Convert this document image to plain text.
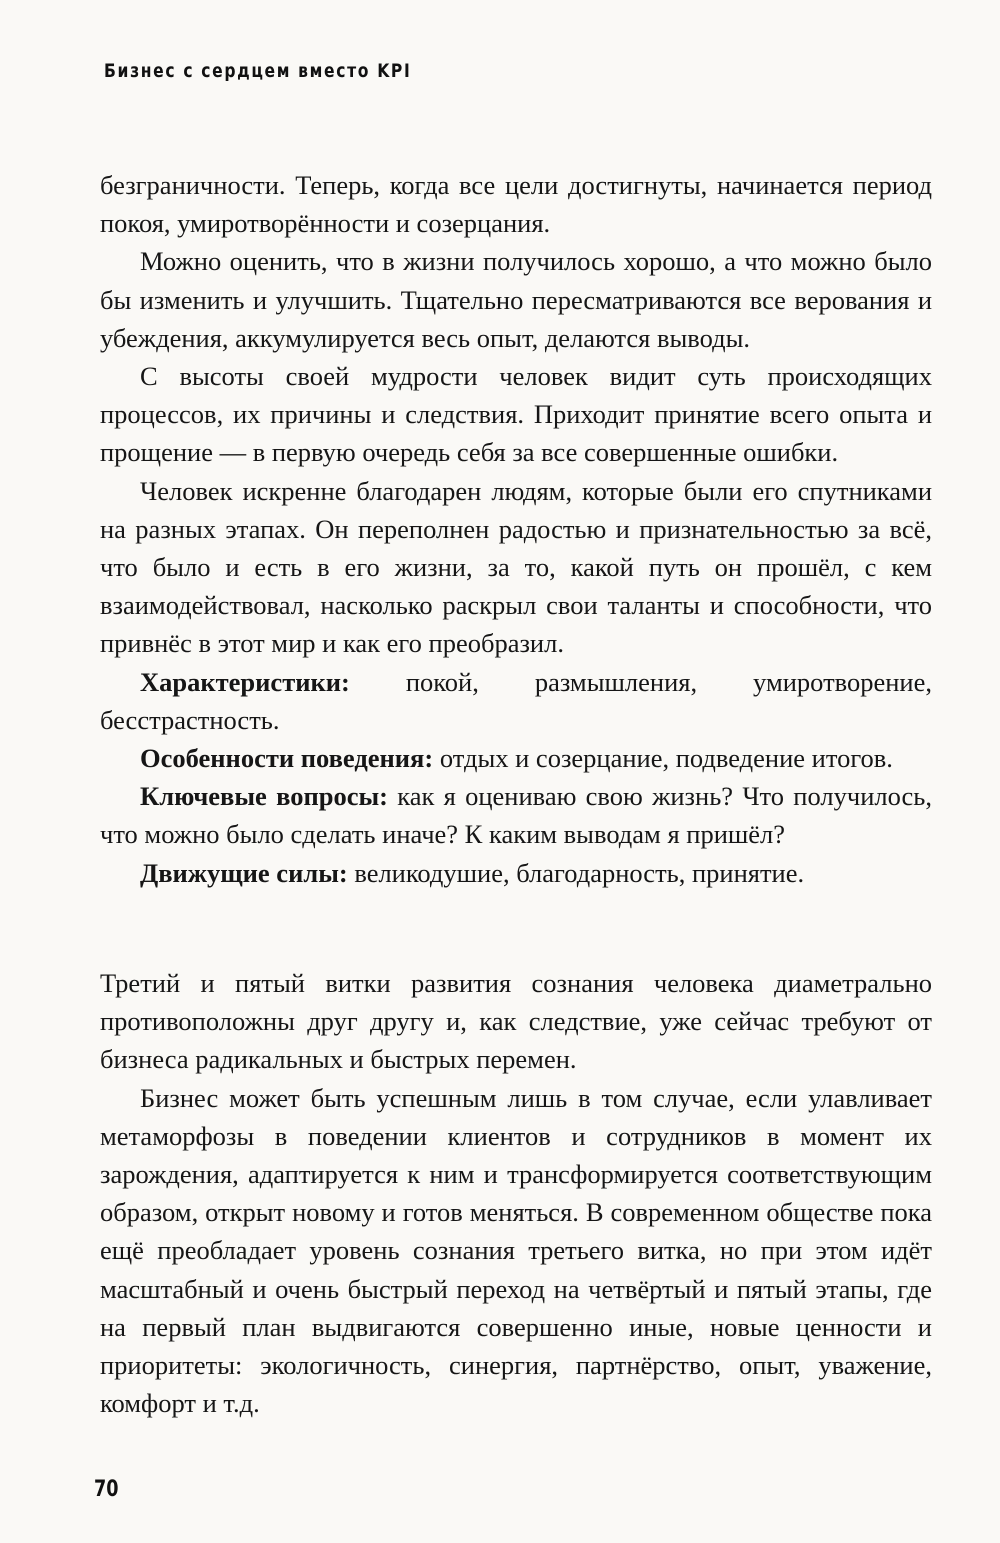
Бизнес с сердцем вместо KPI

безграничности. Теперь, когда все цели достигнуты, начинается период покоя, умиротворённости и созерцания.

Можно оценить, что в жизни получилось хорошо, а что можно было бы изменить и улучшить. Тщательно пересматриваются все верования и убеждения, аккумулируется весь опыт, делаются выводы.

С высоты своей мудрости человек видит суть происходящих процессов, их причины и следствия. Приходит принятие всего опыта и прощение — в первую очередь себя за все совершенные ошибки.

Человек искренне благодарен людям, которые были его спутниками на разных этапах. Он переполнен радостью и признательностью за всё, что было и есть в его жизни, за то, какой путь он прошёл, с кем взаимодействовал, насколько раскрыл свои таланты и способности, что привнёс в этот мир и как его преобразил.

Характеристики: покой, размышления, умиротворение, бесстрастность.

Особенности поведения: отдых и созерцание, подведение итогов.

Ключевые вопросы: как я оцениваю свою жизнь? Что получилось, что можно было сделать иначе? К каким выводам я пришёл?

Движущие силы: великодушие, благодарность, принятие.

Третий и пятый витки развития сознания человека диаметрально противоположны друг другу и, как следствие, уже сейчас требуют от бизнеса радикальных и быстрых перемен.

Бизнес может быть успешным лишь в том случае, если улавливает метаморфозы в поведении клиентов и сотрудников в момент их зарождения, адаптируется к ним и трансформируется соответствующим образом, открыт новому и готов меняться. В современном обществе пока ещё преобладает уровень сознания третьего витка, но при этом идёт масштабный и очень быстрый переход на четвёртый и пятый этапы, где на первый план выдвигаются совершенно иные, новые ценности и приоритеты: экологичность, синергия, партнёрство, опыт, уважение, комфорт и т.д.

70
